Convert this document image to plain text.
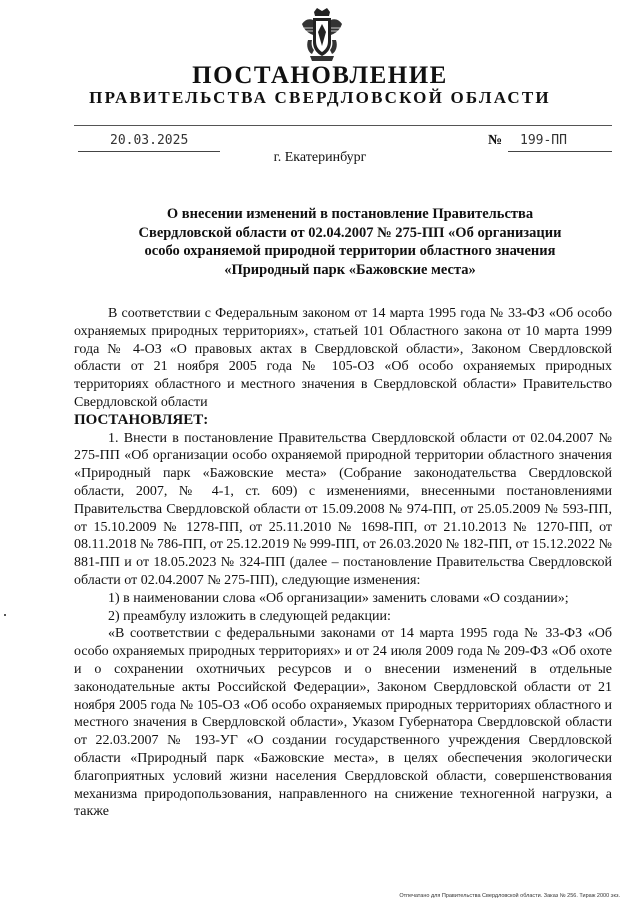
ПОСТАНОВЛЕНИЕ
ПРАВИТЕЛЬСТВА СВЕРДЛОВСКОЙ ОБЛАСТИ
20.03.2025	№	199-ПП
г. Екатеринбург
О внесении изменений в постановление Правительства
Свердловской области от 02.04.2007 № 275-ПП «Об организации
особо охраняемой природной территории областного значения
«Природный парк «Бажовские места»

В соответствии с Федеральным законом от 14 марта 1995 года № 33-ФЗ «Об особо охраняемых природных территориях», статьей 101 Областного закона от 10 марта 1999 года № 4-ОЗ «О правовых актах в Свердловской области», Законом Свердловской области от 21 ноября 2005 года № 105-ОЗ «Об особо охраняемых природных территориях областного и местного значения в Свердловской области» Правительство Свердловской области

ПОСТАНОВЛЯЕТ:

1. Внести в постановление Правительства Свердловской области от 02.04.2007 № 275-ПП «Об организации особо охраняемой природной территории областного значения «Природный парк «Бажовские места» (Собрание законодательства Свердловской области, 2007, № 4-1, ст. 609) с изменениями, внесенными постановлениями Правительства Свердловской области от 15.09.2008 № 974-ПП, от 25.05.2009 № 593-ПП, от 15.10.2009 № 1278-ПП, от 25.11.2010 № 1698-ПП, от 21.10.2013 № 1270-ПП, от 08.11.2018 № 786-ПП, от 25.12.2019 № 999-ПП, от 26.03.2020 № 182-ПП, от 15.12.2022 № 881-ПП и от 18.05.2023 № 324-ПП (далее – постановление Правительства Свердловской области от 02.04.2007 № 275-ПП), следующие изменения:

1) в наименовании слова «Об организации» заменить словами «О создании»;

2) преамбулу изложить в следующей редакции:

«В соответствии с федеральными законами от 14 марта 1995 года № 33-ФЗ «Об особо охраняемых природных территориях» и от 24 июля 2009 года № 209-ФЗ «Об охоте и о сохранении охотничьих ресурсов и о внесении изменений в отдельные законодательные акты Российской Федерации», Законом Свердловской области от 21 ноября 2005 года № 105-ОЗ «Об особо охраняемых природных территориях областного и местного значения в Свердловской области», Указом Губернатора Свердловской области от 22.03.2007 № 193-УГ «О создании государственного учреждения Свердловской области «Природный парк «Бажовские места», в целях обеспечения экологически благоприятных условий жизни населения Свердловской области, совершенствования механизма природопользования, направленного на снижение техногенной нагрузки, а также

Отпечатано для Правительства Свердловской области. Заказ № 256. Тираж 2000 экз.
